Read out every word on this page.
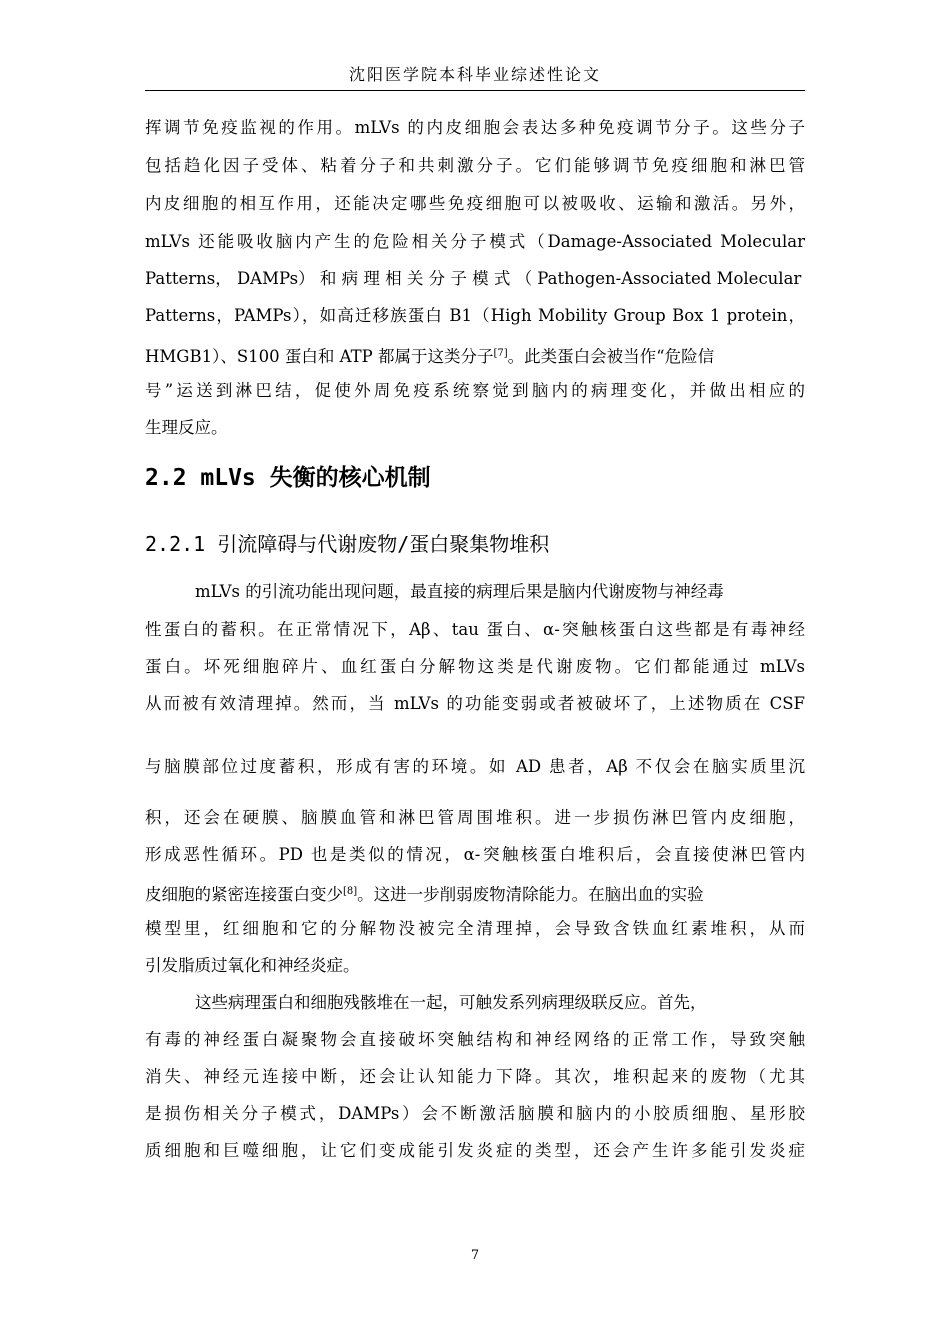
沈阳医学院本科毕业综述性论文
挥调节免疫监视的作用。mLVs 的内皮细胞会表达多种免疫调节分子。这些分子
包括趋化因子受体、粘着分子和共刺激分子。它们能够调节免疫细胞和淋巴管
内皮细胞的相互作用，还能决定哪些免疫细胞可以被吸收、运输和激活。另外，
mLVs 还能吸收脑内产生的危险相关分子模式（Damage-Associated Molecular
Patterns， DAMPs） 和 病 理 相 关 分 子 模 式 （ Pathogen-Associated Molecular
Patterns，PAMPs），如高迁移族蛋白 B1（High Mobility Group Box 1 protein，
HMGB1）、S100 蛋白和 ATP 都属于这类分子[7]。此类蛋白会被当作“危险信
号”运送到淋巴结，促使外周免疫系统察觉到脑内的病理变化，并做出相应的
生理反应。
2.2 mLVs 失衡的核心机制
2.2.1 引流障碍与代谢废物/蛋白聚集物堆积
mLVs 的引流功能出现问题，最直接的病理后果是脑内代谢废物与神经毒
性蛋白的蓄积。在正常情况下，Aβ、tau 蛋白、α-突触核蛋白这些都是有毒神经
蛋白。坏死细胞碎片、血红蛋白分解物这类是代谢废物。它们都能通过 mLVs
从而被有效清理掉。然而，当 mLVs 的功能变弱或者被破坏了，上述物质在 CSF
与脑膜部位过度蓄积，形成有害的环境。如 AD 患者，Aβ 不仅会在脑实质里沉
积，还会在硬膜、脑膜血管和淋巴管周围堆积。进一步损伤淋巴管内皮细胞，
形成恶性循环。PD 也是类似的情况，α-突触核蛋白堆积后，会直接使淋巴管内
皮细胞的紧密连接蛋白变少[8]。这进一步削弱废物清除能力。在脑出血的实验
模型里，红细胞和它的分解物没被完全清理掉，会导致含铁血红素堆积，从而
引发脂质过氧化和神经炎症。
这些病理蛋白和细胞残骸堆在一起，可触发系列病理级联反应。首先，
有毒的神经蛋白凝聚物会直接破坏突触结构和神经网络的正常工作，导致突触
消失、神经元连接中断，还会让认知能力下降。其次，堆积起来的废物（尤其
是损伤相关分子模式，DAMPs）会不断激活脑膜和脑内的小胶质细胞、星形胶
质细胞和巨噬细胞，让它们变成能引发炎症的类型，还会产生许多能引发炎症
7
